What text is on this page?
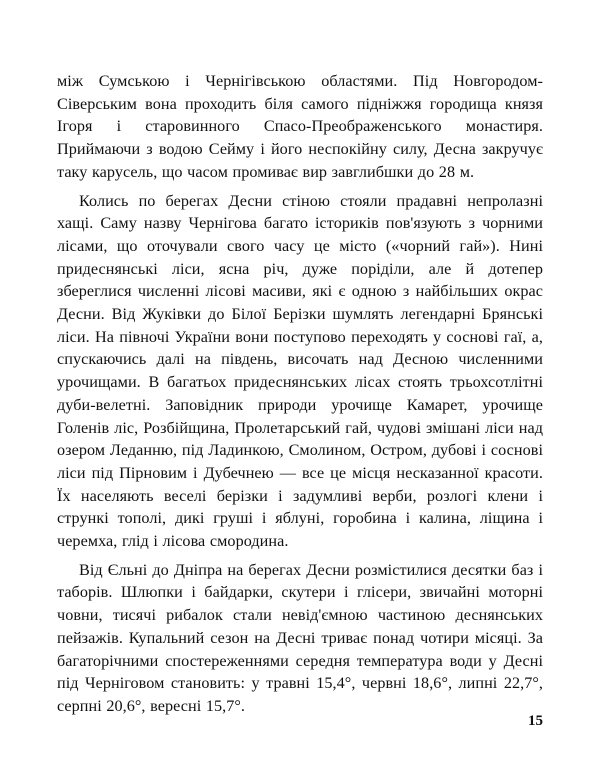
між Сумською і Чернігівською областями. Під Новгородом-Сіверським вона проходить біля самого підніжжя городища князя Ігоря і старовинного Спасо-Преображенського монастиря. Приймаючи з водою Сейму і його неспокійну силу, Десна закручує таку карусель, що часом промиває вир завглибшки до 28 м.

Колись по берегах Десни стіною стояли прадавні непролазні хащі. Саму назву Чернігова багато істориків пов'язують з чорними лісами, що оточували свого часу це місто («чорний гай»). Нині придеснянські ліси, ясна річ, дуже поріділи, але й дотепер збереглися численні лісові масиви, які є одною з найбільших окрас Десни. Від Жуківки до Білої Берізки шумлять легендарні Брянські ліси. На півночі України вони поступово переходять у соснові гаї, а, спускаючись далі на південь, височать над Десною численними урочищами. В багатьох придеснянських лісах стоять трьохсотлітні дуби-велетні. Заповідник природи урочище Камарет, урочище Голенів ліс, Розбійщина, Пролетарський гай, чудові змішані ліси над озером Леданню, під Ладинкою, Смолином, Остром, дубові і соснові ліси під Пірновим і Дубечнею — все це місця несказанної красоти. Їх населяють веселі берізки і задумливі верби, розлогі клени і стрункі тополі, дикі груші і яблуні, горобина і калина, ліщина і черемха, глід і лісова смородина.

Від Єльні до Дніпра на берегах Десни розмістилися десятки баз і таборів. Шлюпки і байдарки, скутери і глісери, звичайні моторні човни, тисячі рибалок стали невід'ємною частиною деснянських пейзажів. Купальний сезон на Десні триває понад чотири місяці. За багаторічними спостереженнями середня температура води у Десні під Черніговом становить: у травні 15,4°, червні 18,6°, липні 22,7°, серпні 20,6°, вересні 15,7°.

15
